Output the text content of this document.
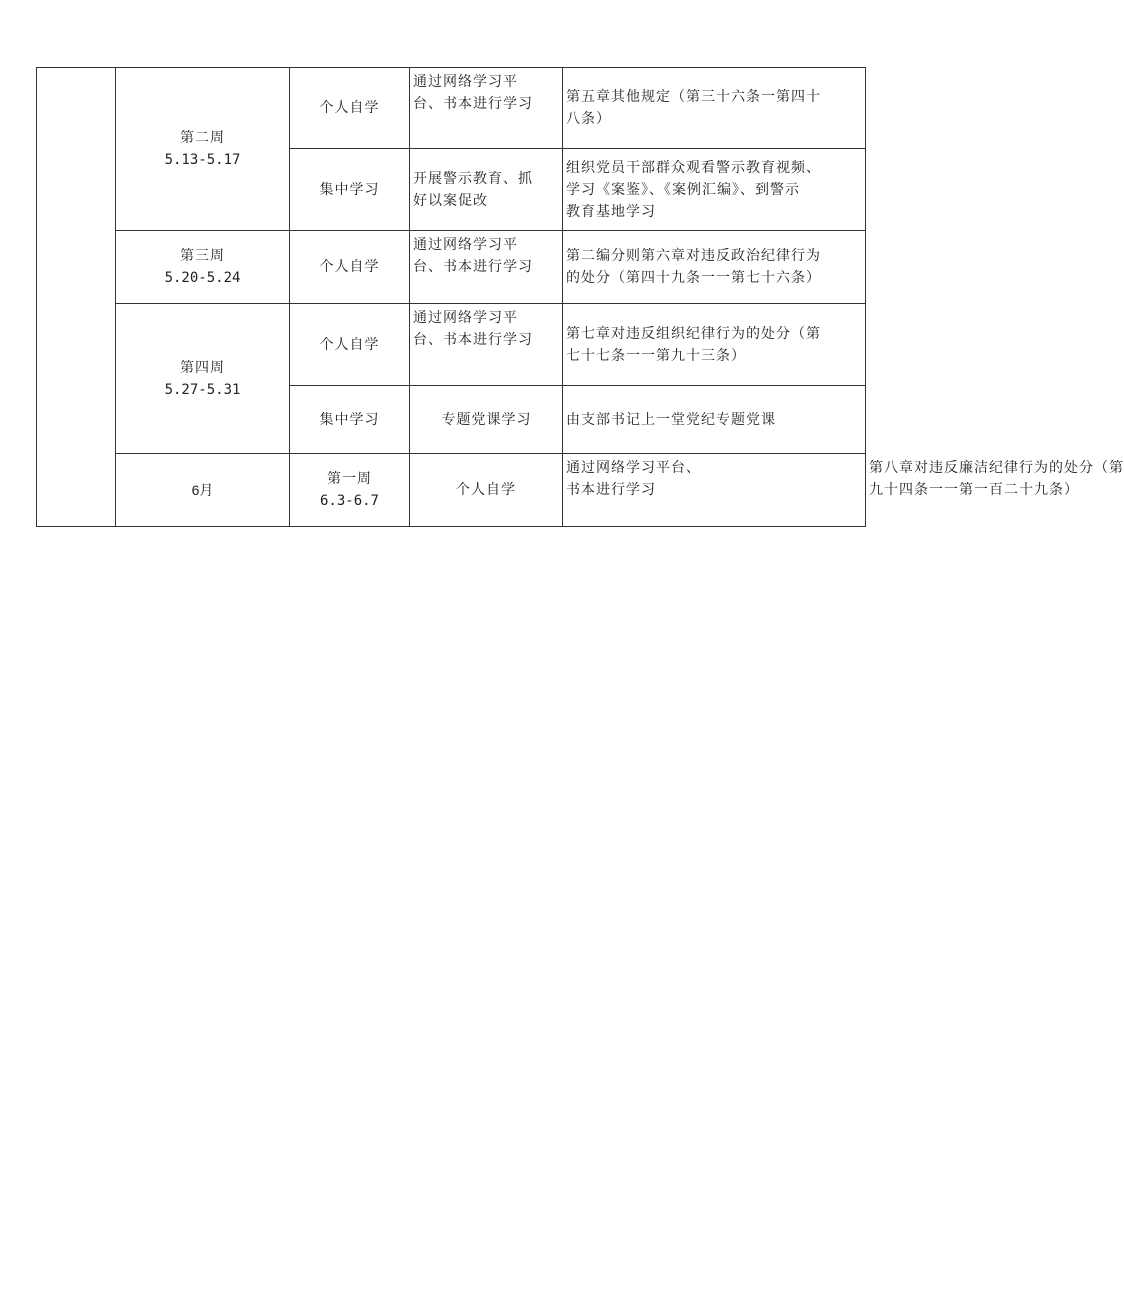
	第二周
5.13-5.17	个人自学	通过网络学习平
台、书本进行学习	第五章其他规定（第三十六条一第四十
八条）	

		集中学习	开展警示教育、抓
好以案促改	组织党员干部群众观看警示教育视频、
学习《案鉴》、《案例汇编》、到警示
教育基地学习	

	第三周
5.20-5.24	个人自学	通过网络学习平
台、书本进行学习	第二编分则第六章对违反政治纪律行为
的处分（第四十九条一一第七十六条）	

	第四周
5.27-5.31	个人自学	通过网络学习平
台、书本进行学习	第七章对违反组织纪律行为的处分（第
七十七条一一第九十三条）	

		集中学习	专题党课学习	由支部书记上一堂党纪专题党课	

	6月	第一周
6.3-6.7	个人自学	通过网络学习平台、
书本进行学习	第八章对违反廉洁纪律行为的处分（第
九十四条一一第一百二十九条）
